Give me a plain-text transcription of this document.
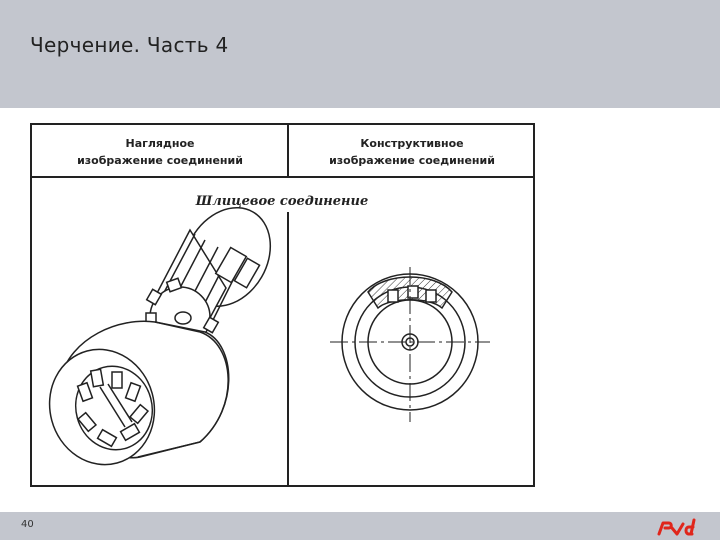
Черчение. Часть 4
Наглядное
изображение соединений
Конструктивное
изображение соединений
Шлицевое соединение
40
